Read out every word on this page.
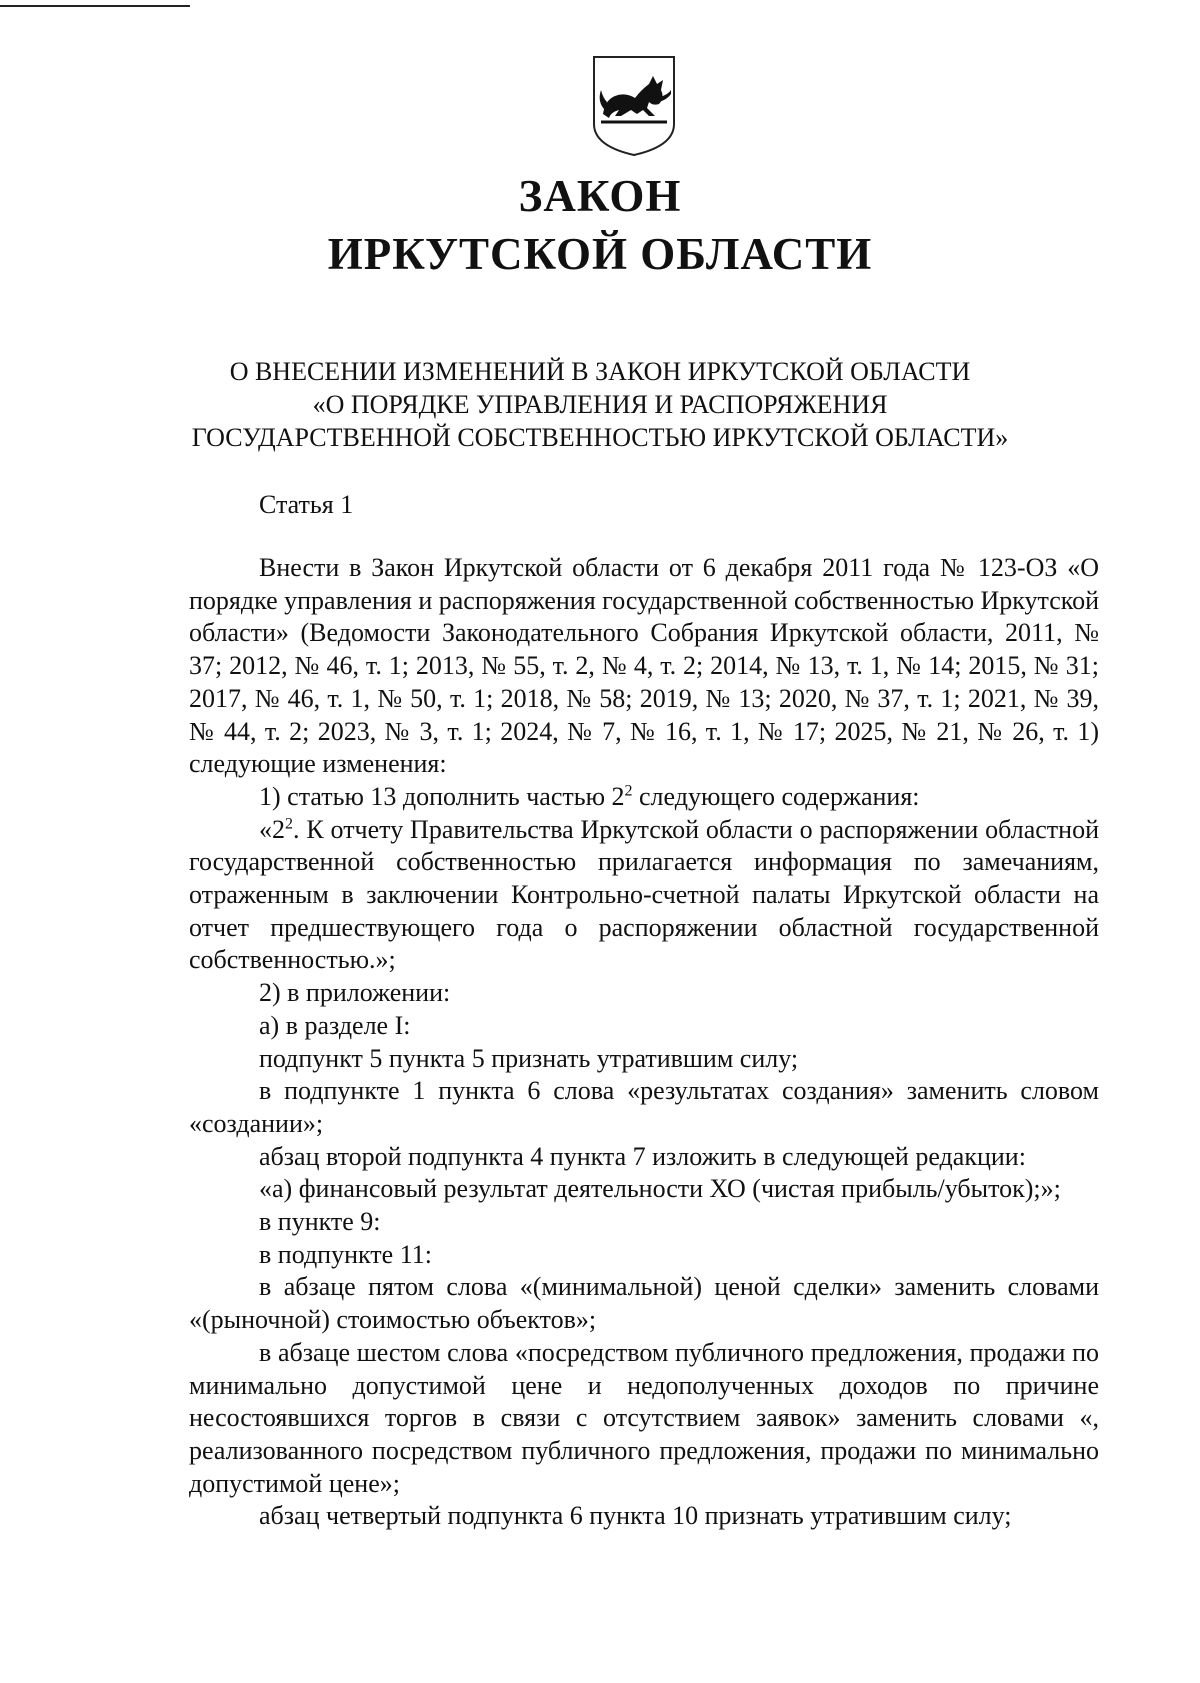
ЗАКОН
ИРКУТСКОЙ ОБЛАСТИ
О ВНЕСЕНИИ ИЗМЕНЕНИЙ В ЗАКОН ИРКУТСКОЙ ОБЛАСТИ
«О ПОРЯДКЕ УПРАВЛЕНИЯ И РАСПОРЯЖЕНИЯ
ГОСУДАРСТВЕННОЙ СОБСТВЕННОСТЬЮ ИРКУТСКОЙ ОБЛАСТИ»
Статья 1

Внести в Закон Иркутской области от 6 декабря 2011 года № 123-ОЗ «О порядке управления и распоряжения государственной собственностью Иркутской области» (Ведомости Законодательного Собрания Иркутской области, 2011, № 37; 2012, № 46, т. 1; 2013, № 55, т. 2, № 4, т. 2; 2014, № 13, т. 1, № 14; 2015, № 31; 2017, № 46, т. 1, № 50, т. 1; 2018, № 58; 2019, № 13; 2020, № 37, т. 1; 2021, № 39, № 44, т. 2; 2023, № 3, т. 1; 2024, № 7, № 16, т. 1, № 17; 2025, № 21, № 26, т. 1) следующие изменения:

1) статью 13 дополнить частью $2^2$ следующего содержания:

«$2^2$. К отчету Правительства Иркутской области о распоряжении областной государственной собственностью прилагается информация по замечаниям, отраженным в заключении Контрольно-счетной палаты Иркутской области на отчет предшествующего года о распоряжении областной государственной собственностью.»;

2) в приложении:

а) в разделе I:

подпункт 5 пункта 5 признать утратившим силу;

в подпункте 1 пункта 6 слова «результатах создания» заменить словом «создании»;

абзац второй подпункта 4 пункта 7 изложить в следующей редакции:

«а) финансовый результат деятельности ХО (чистая прибыль/убыток);»;

в пункте 9:

в подпункте 11:

в абзаце пятом слова «(минимальной) ценой сделки» заменить словами «(рыночной) стоимостью объектов»;

в абзаце шестом слова «посредством публичного предложения, продажи по минимально допустимой цене и недополученных доходов по причине несостоявшихся торгов в связи с отсутствием заявок» заменить словами «, реализованного посредством публичного предложения, продажи по минимально допустимой цене»;

абзац четвертый подпункта 6 пункта 10 признать утратившим силу;
